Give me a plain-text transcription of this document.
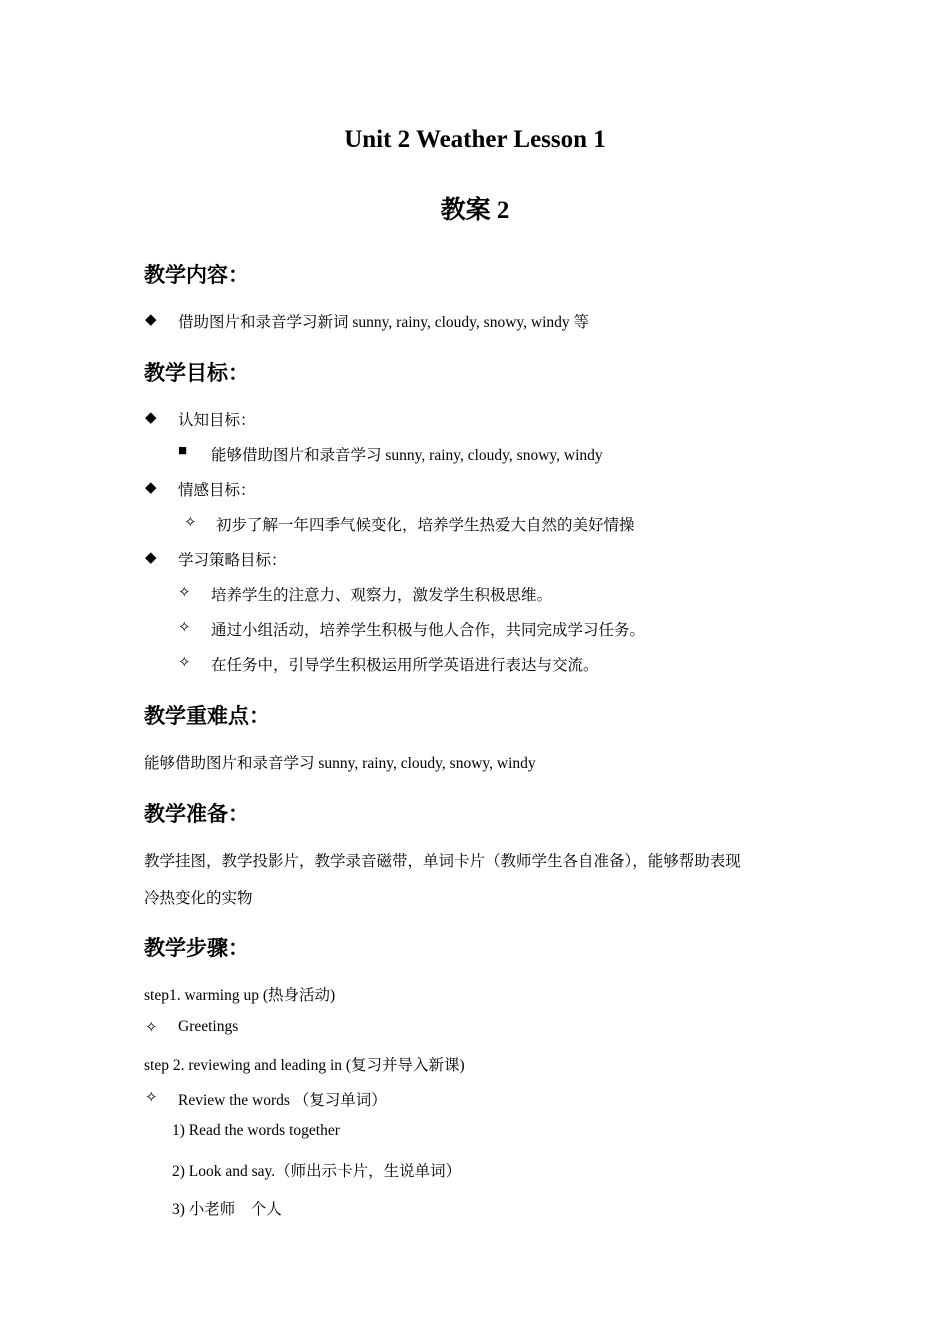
Unit 2 Weather Lesson 1
教案 2
教学内容：
◆ 借助图片和录音学习新词 sunny, rainy, cloudy, snowy, windy 等
教学目标：
◆ 认知目标：
■ 能够借助图片和录音学习 sunny, rainy, cloudy, snowy, windy
◆ 情感目标：
✧ 初步了解一年四季气候变化，培养学生热爱大自然的美好情操
◆ 学习策略目标：
✧ 培养学生的注意力、观察力，激发学生积极思维。
✧ 通过小组活动，培养学生积极与他人合作，共同完成学习任务。
✧ 在任务中，引导学生积极运用所学英语进行表达与交流。
教学重难点：
能够借助图片和录音学习 sunny, rainy, cloudy, snowy, windy
教学准备：
教学挂图，教学投影片，教学录音磁带，单词卡片（教师学生各自准备），能够帮助表现
冷热变化的实物
教学步骤：
step1. warming up (热身活动)
✧ Greetings
step 2. reviewing and leading in (复习并导入新课)
✧ Review the words （复习单词）
1) Read the words together
2) Look and say.（师出示卡片，生说单词）
3) 小老师　个人
